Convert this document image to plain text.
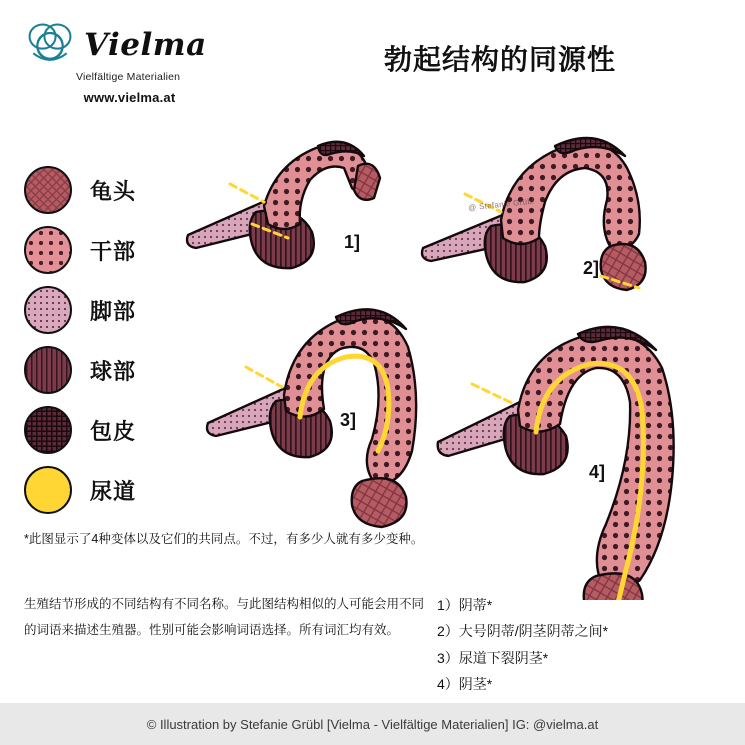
Vielma
Vielfältige Materialien
www.vielma.at
勃起结构的同源性
龟头
干部
脚部
球部
包皮
尿道
1]
2]
3]
4]
@ Stefanie Grübl
*此图显示了4种变体以及它们的共同点。不过，有多少人就有多少变种。
生殖结节形成的不同结构有不同名称。与此图结构相似的人可能会用不同的词语来描述生殖器。性别可能会影响词语选择。所有词汇均有效。
1）阴蒂*
2）大号阴蒂/阴茎阴蒂之间*
3）尿道下裂阴茎*
4）阴茎*
© Illustration by Stefanie Grübl [Vielma - Vielfältige Materialien] IG: @vielma.at
